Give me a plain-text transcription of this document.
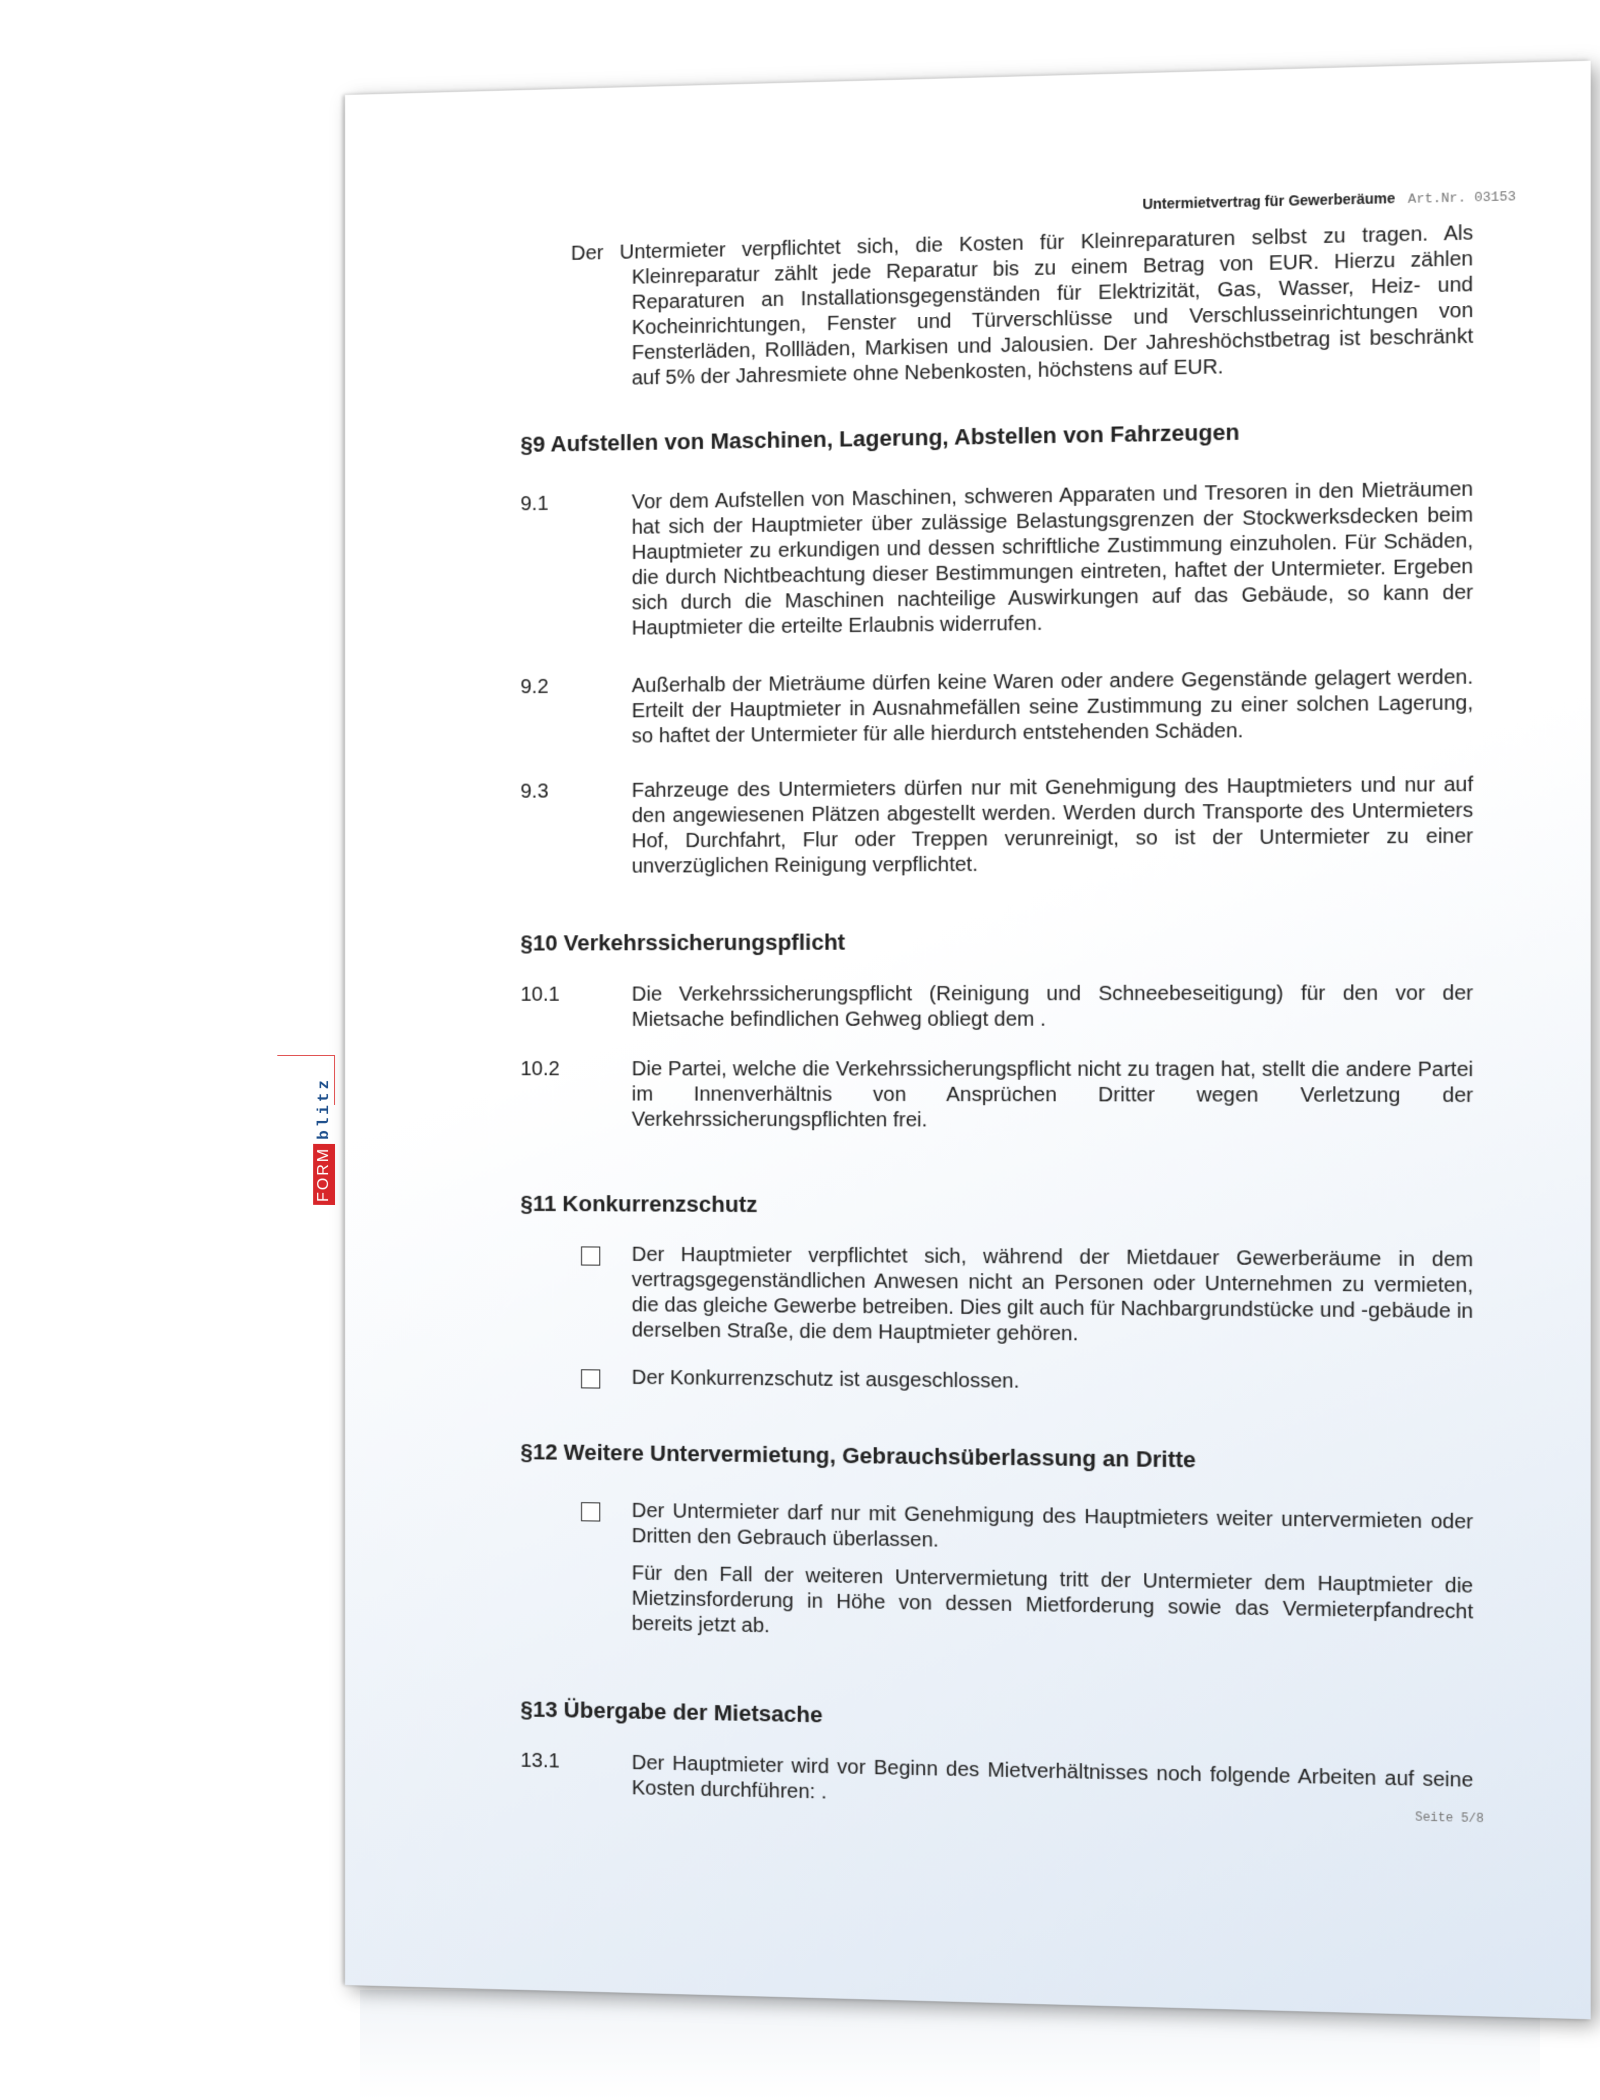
Untermietvertrag für Gewerberäume Art.Nr. 03153
FORM
blitz
Der Untermieter verpflichtet sich, die Kosten für Kleinreparaturen selbst zu tragen. Als Kleinreparatur zählt jede Reparatur bis zu einem Betrag von EUR. Hierzu zählen Reparaturen an Installationsgegenständen für Elektrizität, Gas, Wasser, Heiz- und Kocheinrichtungen, Fenster und Türverschlüsse und Verschlusseinrichtungen von Fensterläden, Rollläden, Markisen und Jalousien. Der Jahreshöchstbetrag ist beschränkt auf 5% der Jahresmiete ohne Nebenkosten, höchstens auf EUR.
§9 Aufstellen von Maschinen, Lagerung, Abstellen von Fahrzeugen
9.1	Vor dem Aufstellen von Maschinen, schweren Apparaten und Tresoren in den Mieträumen hat sich der Hauptmieter über zulässige Belastungsgrenzen der Stockwerksdecken beim Hauptmieter zu erkundigen und dessen schriftliche Zustimmung einzuholen. Für Schäden, die durch Nichtbeachtung dieser Bestimmungen eintreten, haftet der Untermieter. Ergeben sich durch die Maschinen nachteilige Auswirkungen auf das Gebäude, so kann der Hauptmieter die erteilte Erlaubnis widerrufen.
9.2	Außerhalb der Mieträume dürfen keine Waren oder andere Gegenstände gelagert werden. Erteilt der Hauptmieter in Ausnahmefällen seine Zustimmung zu einer solchen Lagerung, so haftet der Untermieter für alle hierdurch entstehenden Schäden.
9.3	Fahrzeuge des Untermieters dürfen nur mit Genehmigung des Hauptmieters und nur auf den angewiesenen Plätzen abgestellt werden. Werden durch Transporte des Untermieters Hof, Durchfahrt, Flur oder Treppen verunreinigt, so ist der Untermieter zu einer unverzüglichen Reinigung verpflichtet.
§10 Verkehrssicherungspflicht
10.1	Die Verkehrssicherungspflicht (Reinigung und Schneebeseitigung) für den vor der Mietsache befindlichen Gehweg obliegt dem .
10.2	Die Partei, welche die Verkehrssicherungspflicht nicht zu tragen hat, stellt die andere Partei im Innenverhältnis von Ansprüchen Dritter wegen Verletzung der Verkehrssicherungspflichten frei.
§11 Konkurrenzschutz
Der Hauptmieter verpflichtet sich, während der Mietdauer Gewerberäume in dem vertragsgegenständlichen Anwesen nicht an Personen oder Unternehmen zu vermieten, die das gleiche Gewerbe betreiben. Dies gilt auch für Nachbargrundstücke und -gebäude in derselben Straße, die dem Hauptmieter gehören.
Der Konkurrenzschutz ist ausgeschlossen.
§12 Weitere Untervermietung, Gebrauchsüberlassung an Dritte
Der Untermieter darf nur mit Genehmigung des Hauptmieters weiter untervermieten oder Dritten den Gebrauch überlassen.
Für den Fall der weiteren Untervermietung tritt der Untermieter dem Hauptmieter die Mietzinsforderung in Höhe von dessen Mietforderung sowie das Vermieterpfandrecht bereits jetzt ab.
§13 Übergabe der Mietsache
13.1	Der Hauptmieter wird vor Beginn des Mietverhältnisses noch folgende Arbeiten auf seine Kosten durchführen: .
Seite 5/8
